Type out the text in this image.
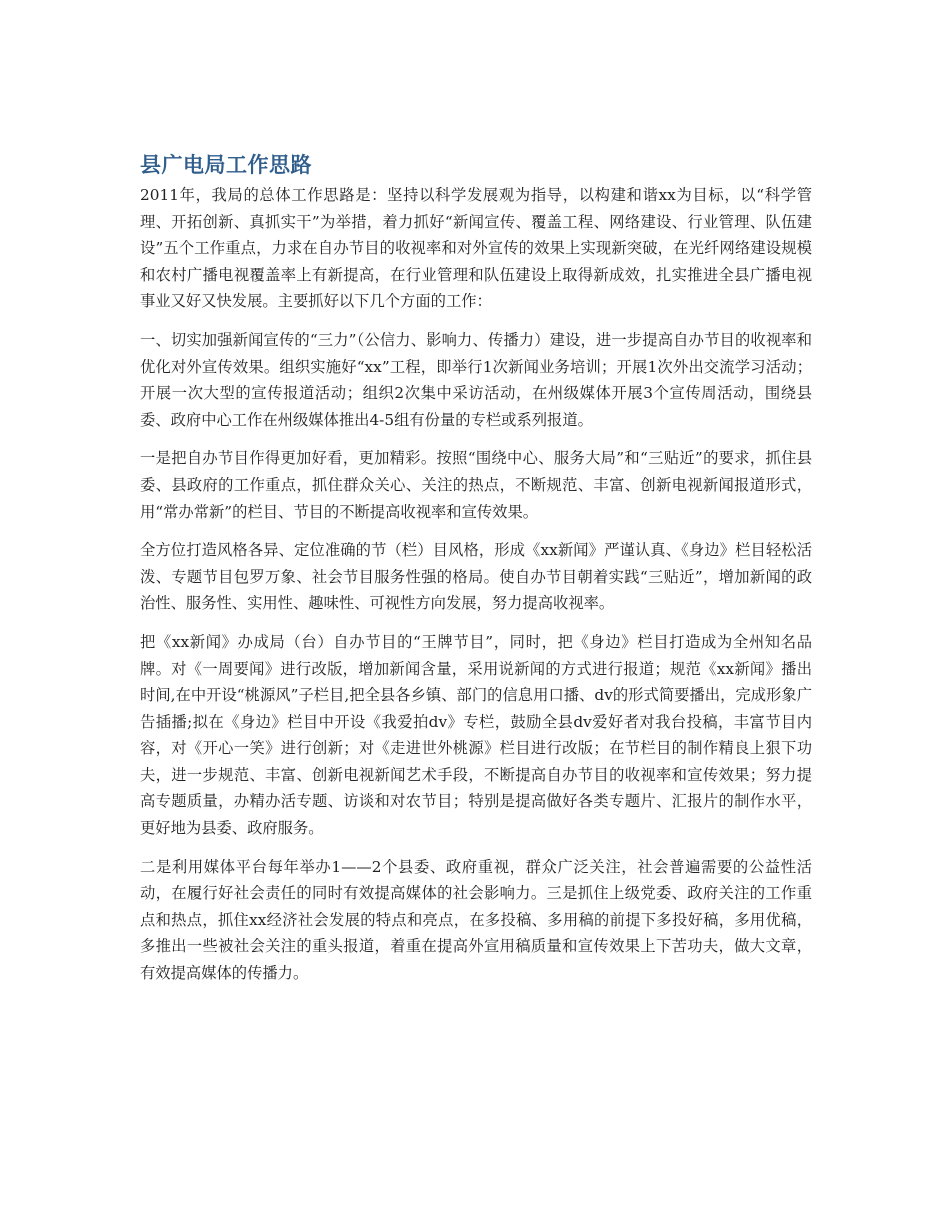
县广电局工作思路

2011年，我局的总体工作思路是：坚持以科学发展观为指导，以构建和谐xx为目标，以“科学管理、开拓创新、真抓实干”为举措，着力抓好“新闻宣传、覆盖工程、网络建设、行业管理、队伍建设”五个工作重点，力求在自办节目的收视率和对外宣传的效果上实现新突破，在光纤网络建设规模和农村广播电视覆盖率上有新提高，在行业管理和队伍建设上取得新成效，扎实推进全县广播电视事业又好又快发展。主要抓好以下几个方面的工作：

一、切实加强新闻宣传的“三力”（公信力、影响力、传播力）建设，进一步提高自办节目的收视率和优化对外宣传效果。组织实施好“xx”工程，即举行1次新闻业务培训；开展1次外出交流学习活动；开展一次大型的宣传报道活动；组织2次集中采访活动，在州级媒体开展3个宣传周活动，围绕县委、政府中心工作在州级媒体推出4-5组有份量的专栏或系列报道。

一是把自办节目作得更加好看，更加精彩。按照“围绕中心、服务大局”和“三贴近”的要求，抓住县委、县政府的工作重点，抓住群众关心、关注的热点，不断规范、丰富、创新电视新闻报道形式，用“常办常新”的栏目、节目的不断提高收视率和宣传效果。

全方位打造风格各异、定位准确的节（栏）目风格，形成《xx新闻》严谨认真、《身边》栏目轻松活泼、专题节目包罗万象、社会节目服务性强的格局。使自办节目朝着实践“三贴近”，增加新闻的政治性、服务性、实用性、趣味性、可视性方向发展，努力提高收视率。

把《xx新闻》办成局（台）自办节目的“王牌节目”，同时，把《身边》栏目打造成为全州知名品牌。对《一周要闻》进行改版，增加新闻含量，采用说新闻的方式进行报道；规范《xx新闻》播出时间,在中开设“桃源风”子栏目,把全县各乡镇、部门的信息用口播、dv的形式简要播出，完成形象广告插播;拟在《身边》栏目中开设《我爱拍dv》专栏，鼓励全县dv爱好者对我台投稿，丰富节目内容，对《开心一笑》进行创新；对《走进世外桃源》栏目进行改版；在节栏目的制作精良上狠下功夫，进一步规范、丰富、创新电视新闻艺术手段，不断提高自办节目的收视率和宣传效果；努力提高专题质量，办精办活专题、访谈和对农节目；特别是提高做好各类专题片、汇报片的制作水平，更好地为县委、政府服务。

二是利用媒体平台每年举办1——2个县委、政府重视，群众广泛关注，社会普遍需要的公益性活动，在履行好社会责任的同时有效提高媒体的社会影响力。三是抓住上级党委、政府关注的工作重点和热点，抓住xx经济社会发展的特点和亮点，在多投稿、多用稿的前提下多投好稿，多用优稿，多推出一些被社会关注的重头报道，着重在提高外宣用稿质量和宣传效果上下苦功夫，做大文章，有效提高媒体的传播力。
